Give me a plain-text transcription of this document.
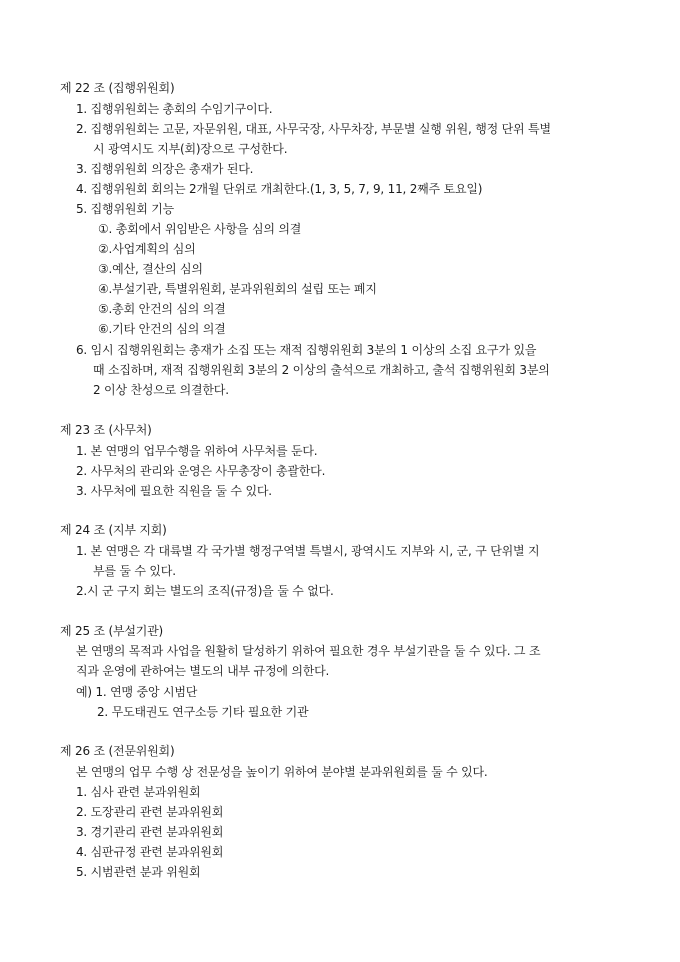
제 22 조 (집행위원회)
1. 집행위원회는 총회의 수임기구이다.
2. 집행위원회는 고문, 자문위원, 대표, 사무국장, 사무차장, 부문별 실행 위원, 행정 단위 특별
시 광역시도 지부(회)장으로 구성한다.
3. 집행위원회 의장은 총재가 된다.
4. 집행위원회 회의는 2개월 단위로 개최한다.(1, 3, 5, 7, 9, 11, 2째주 토요일)
5. 집행위원회 기능
①. 총회에서 위임받은 사항을 심의 의결
②.사업계획의 심의
③.예산, 결산의 심의
④.부설기관, 특별위원회, 분과위원회의 설립 또는 폐지
⑤.총회 안건의 심의 의결
⑥.기타 안건의 심의 의결
6. 임시 집행위원회는 총재가 소집 또는 재적 집행위원회 3분의 1 이상의 소집 요구가 있을
때 소집하며, 재적 집행위원회 3분의 2 이상의 출석으로 개최하고, 출석 집행위원회 3분의
2 이상 찬성으로 의결한다.
제 23 조 (사무처)
1. 본 연맹의 업무수행을 위하여 사무처를 둔다.
2. 사무처의 관리와 운영은 사무총장이 총괄한다.
3. 사무처에 필요한 직원을 둘 수 있다.
제 24 조 (지부 지회)
1. 본 연맹은 각 대륙별 각 국가별 행정구역별 특별시, 광역시도 지부와 시, 군, 구 단위별 지
부를 둘 수 있다.
2.시 군 구지 회는 별도의 조직(규정)을 둘 수 없다.
제 25 조 (부설기관)
본 연맹의 목적과 사업을 원활히 달성하기 위하여 필요한 경우 부설기관을 둘 수 있다. 그 조
직과 운영에 관하여는 별도의 내부 규정에 의한다.
예) 1. 연맹 중앙 시범단
2. 무도태권도 연구소등 기타 필요한 기관
제 26 조 (전문위원회)
본 연맹의 업무 수행 상 전문성을 높이기 위하여 분야별 분과위원회를 둘 수 있다.
1. 심사 관련 분과위원회
2. 도장관리 관련 분과위원회
3. 경기관리 관련 분과위원회
4. 심판규정 관련 분과위원회
5. 시범관련 분과 위원회
